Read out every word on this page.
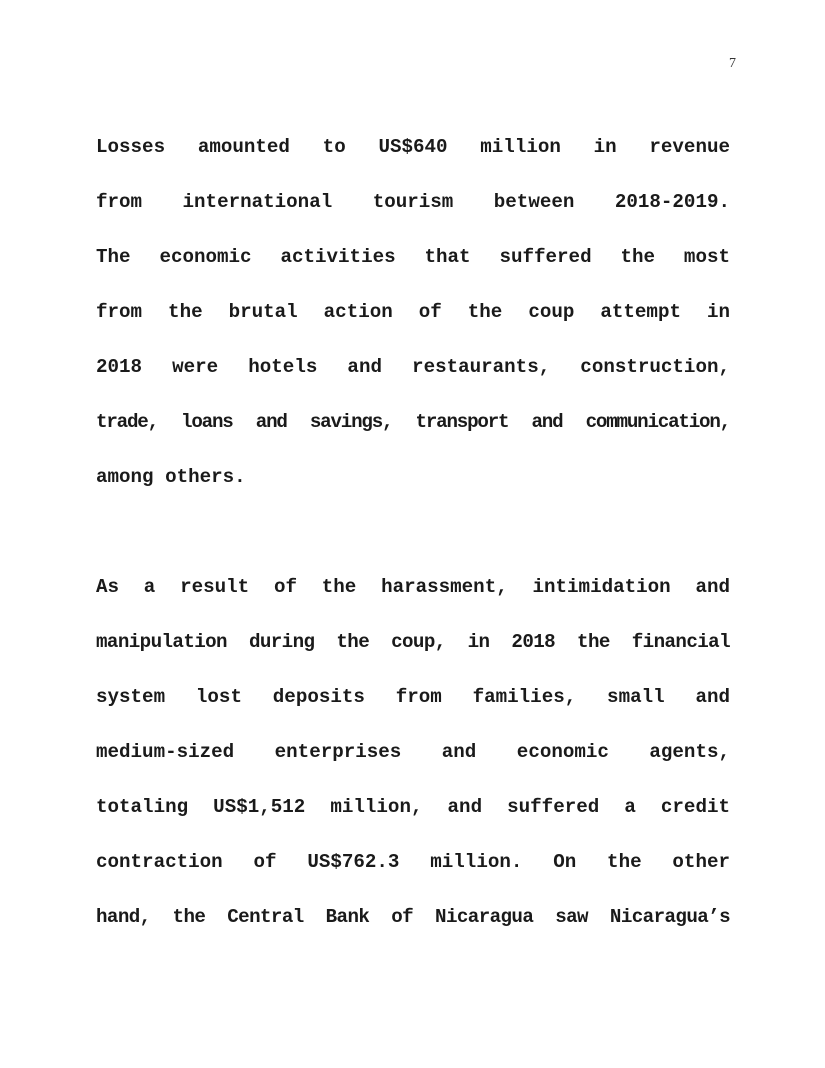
7
Losses amounted to US$640 million in revenue
from international tourism between 2018-2019.
The economic activities that suffered the most
from the brutal action of the coup attempt in
2018 were hotels and restaurants, construction,
trade, loans and savings, transport and communication,
among others.
As a result of the harassment, intimidation and
manipulation during the coup, in 2018 the financial
system lost deposits from families, small and
medium-sized enterprises and economic agents,
totaling US$1,512 million, and suffered a credit
contraction of US$762.3 million. On the other
hand, the Central Bank of Nicaragua saw Nicaragua’s
